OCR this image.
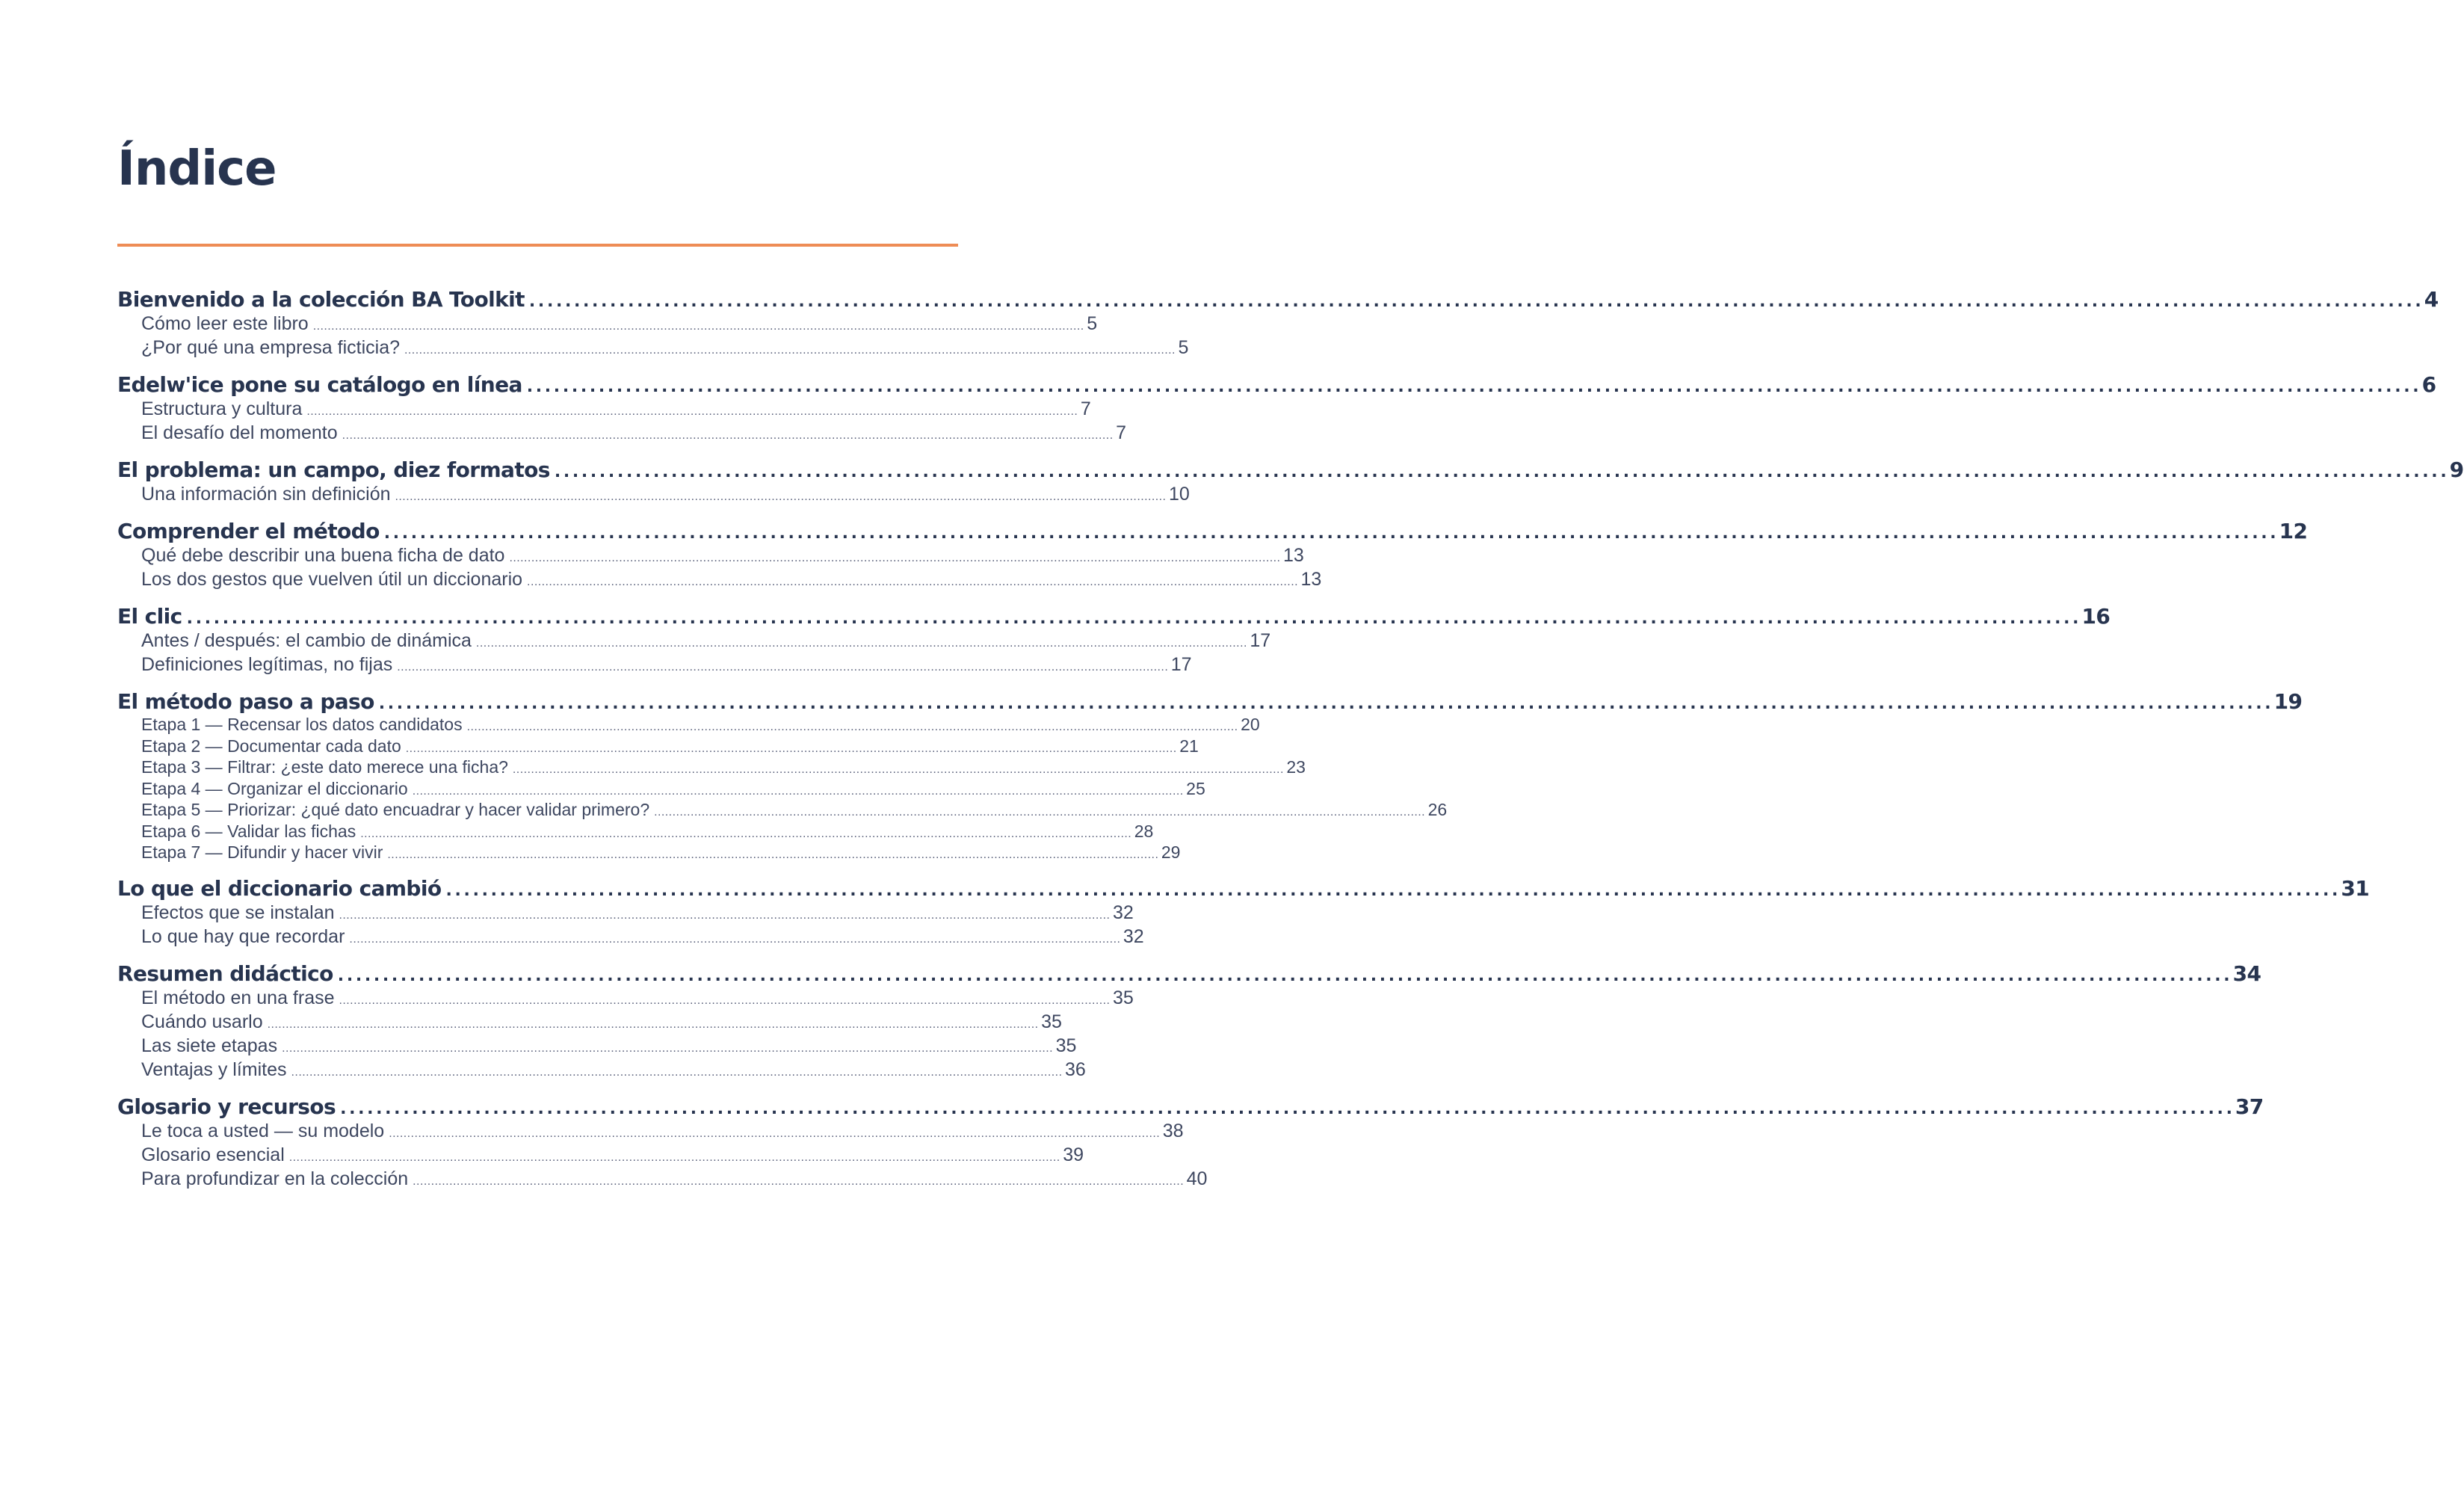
Índice
Bienvenido a la colección BA Toolkit . . .	4
Cómo leer este libro . . .	5
¿Por qué una empresa ficticia? . . .	5
Edelw'ice pone su catálogo en línea . . .	6
Estructura y cultura . . .	7
El desafío del momento . . .	7
El problema: un campo, diez formatos . . .	9
Una información sin definición . . .	10
Comprender el método . . .	12
Qué debe describir una buena ficha de dato . . .	13
Los dos gestos que vuelven útil un diccionario . . .	13
El clic . . .	16
Antes / después: el cambio de dinámica . . .	17
Definiciones legítimas, no fijas . . .	17
El método paso a paso . . .	19
Etapa 1 — Recensar los datos candidatos . . .	20
Etapa 2 — Documentar cada dato . . .	21
Etapa 3 — Filtrar: ¿este dato merece una ficha? . . .	23
Etapa 4 — Organizar el diccionario . . .	25
Etapa 5 — Priorizar: ¿qué dato encuadrar y hacer validar primero? . . .	26
Etapa 6 — Validar las fichas . . .	28
Etapa 7 — Difundir y hacer vivir . . .	29
Lo que el diccionario cambió . . .	31
Efectos que se instalan . . .	32
Lo que hay que recordar . . .	32
Resumen didáctico . . .	34
El método en una frase . . .	35
Cuándo usarlo . . .	35
Las siete etapas . . .	35
Ventajas y límites . . .	36
Glosario y recursos . . .	37
Le toca a usted — su modelo . . .	38
Glosario esencial . . .	39
Para profundizar en la colección . . .	40
